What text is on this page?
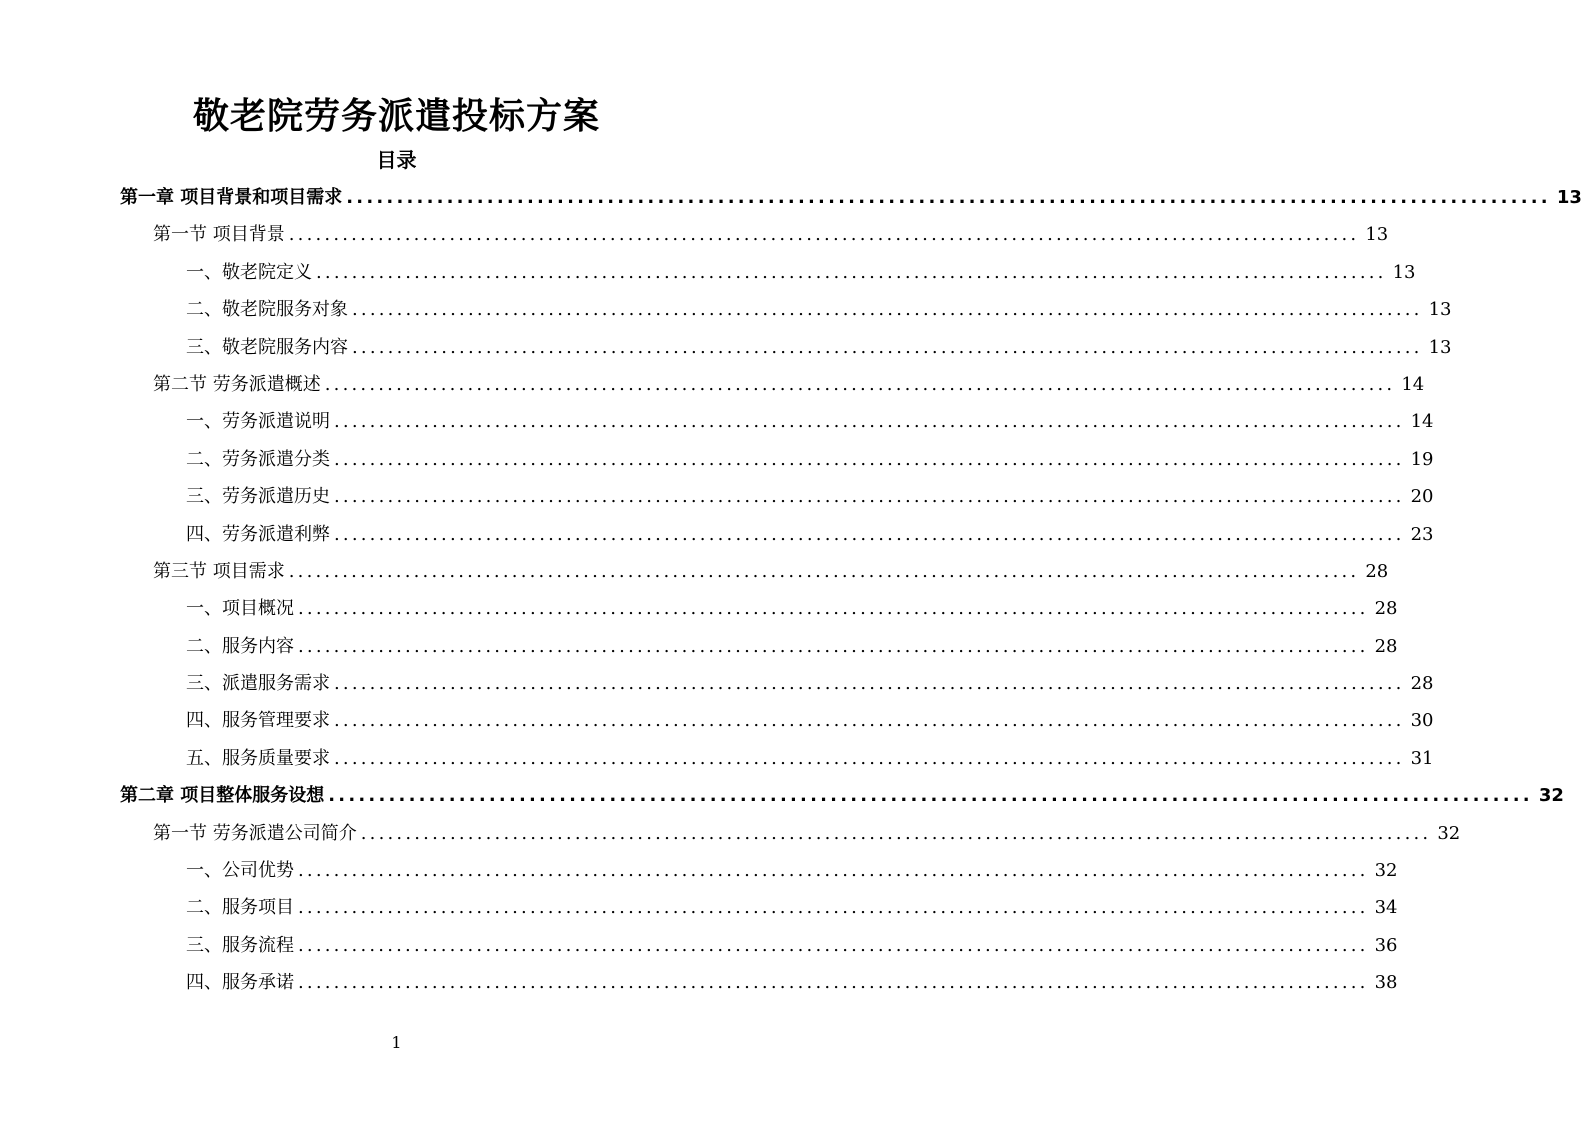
敬老院劳务派遣投标方案
目录
第一章 项目背景和项目需求 ........................................................................................................................ 13
第一节 项目背景 ........................................................................................................................ 13
一、敬老院定义 ........................................................................................................................ 13
二、敬老院服务对象 ........................................................................................................................ 13
三、敬老院服务内容 ........................................................................................................................ 13
第二节 劳务派遣概述 ........................................................................................................................ 14
一、劳务派遣说明 ........................................................................................................................ 14
二、劳务派遣分类 ........................................................................................................................ 19
三、劳务派遣历史 ........................................................................................................................ 20
四、劳务派遣利弊 ........................................................................................................................ 23
第三节 项目需求 ........................................................................................................................ 28
一、项目概况 ........................................................................................................................ 28
二、服务内容 ........................................................................................................................ 28
三、派遣服务需求 ........................................................................................................................ 28
四、服务管理要求 ........................................................................................................................ 30
五、服务质量要求 ........................................................................................................................ 31
第二章 项目整体服务设想 ........................................................................................................................ 32
第一节 劳务派遣公司简介 ........................................................................................................................ 32
一、公司优势 ........................................................................................................................ 32
二、服务项目 ........................................................................................................................ 34
三、服务流程 ........................................................................................................................ 36
四、服务承诺 ........................................................................................................................ 38
1
